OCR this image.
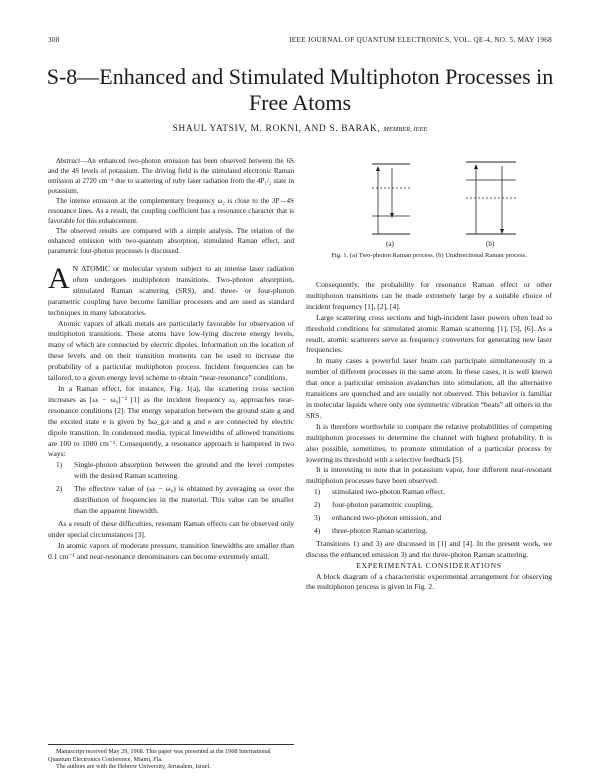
308	IEEE JOURNAL OF QUANTUM ELECTRONICS, VOL. QE-4, NO. 5, MAY 1968
S-8—Enhanced and Stimulated Multiphoton Processes in Free Atoms
SHAUL YATSIV, M. ROKNI, AND S. BARAK, MEMBER, IEEE

Abstract—An enhanced two-photon emission has been observed between the 6S and the 4S levels of potassium. The driving field is the stimulated electronic Raman emission at 2720 cm⁻¹ due to scattering of ruby laser radiation from the 4P₁/₂ state in potassium.

The intense emission at the complementary frequency ω₂ is close to the 3P→4S resonance lines. As a result, the coupling coefficient has a resonance character that is favorable for this enhancement.

The observed results are compared with a simple analysis. The relation of the enhanced emission with two-quantum absorption, stimulated Raman effect, and parametric four-photon processes is discussed.

A N ATOMIC or molecular system subject to an intense laser radiation often undergoes multiphoton transitions. Two-photon absorption, stimulated Raman scattering (SRS), and three- or four-photon parametric coupling have become familiar processes and are used as standard techniques in many laboratories.

Atomic vapors of alkali metals are particularly favorable for observation of multiphoton transitions. These atoms have low-lying discrete energy levels, many of which are connected by electric dipoles. Information on the location of these levels and on their transition moments can be used to increase the probability of a particular multiphoton process. Incident frequencies can be tailored, to a given energy level scheme to obtain “near-resonance” conditions.

In a Raman effect, for instance, Fig. 1(a), the scattering cross section increases as [ωᵢ − ω₀]⁻² [1] as the incident frequency ω₀ approaches near-resonance conditions [2]. The energy separation between the ground state g and the excited state e is given by ħω_g,e and g and e are connected by electric dipole transition. In condensed media, typical linewidths of allowed transitions are 100 to 1000 cm⁻¹. Consequently, a resonance approach is hampered in two ways:

1) Single-photon absorption between the ground and the level competes with the desired Raman scattering.
2) The effective value of (ωᵢ − ω₀) is obtained by averaging ωᵢ over the distribution of frequencies in the material. This value can be smaller than the apparent linewidth.

As a result of these difficulties, resonant Raman effects can be observed only under special circumstances [3].

In atomic vapors of moderate pressure, transition linewidths are smaller than 0.1 cm⁻¹ and near-resonance denominators can become extremely small.

(a)	(b)
Fig. 1. (a) Two-photon Raman process. (b) Unidirectional Raman process.

Consequently, the probability for resonance Raman effect or other multiphoton transitions can be made extremely large by a suitable choice of incident frequency [1], [2], [4].

Large scattering cross sections and high-incident laser powers often lead to threshold conditions for stimulated atomic Raman scattering [1], [5], [6]. As a result, atomic scatterers serve as frequency converters for generating new laser frequencies.

In many cases a powerful laser beam can participate simultaneously in a number of different processes in the same atom. In these cases, it is well known that once a particular emission avalanches into stimulation, all the alternative transitions are quenched and are usually not observed. This behavior is familiar in molecular liquids where only one symmetric vibration “beats” all others in the SRS.

It is therefore worthwhile to compare the relative probabilities of competing multiphoton processes to determine the channel with highest probability. It is also possible, sometimes, to promote stimulation of a particular process by lowering its threshold with a selective feedback [5].

It is interesting to note that in potassium vapor, four different near-resonant multiphoton processes have been observed:

1) stimulated two-photon Raman effect,
2) four-photon parametric coupling,
3) enhanced two-photon emission, and
4) three-photon Raman scattering.

Transitions 1) and 3) are discussed in [1] and [4]. In the present work, we discuss the enhanced emission 3) and the three-photon Raman scattering.

EXPERIMENTAL CONSIDERATIONS

A block diagram of a characteristic experimental arrangement for observing the multiphoton process is given in Fig. 2.

Manuscript received May 29, 1968. This paper was presented at the 1968 International Quantum Electronics Conference, Miami, Fla.

The authors are with the Hebrew University, Jerusalem, Israel.
